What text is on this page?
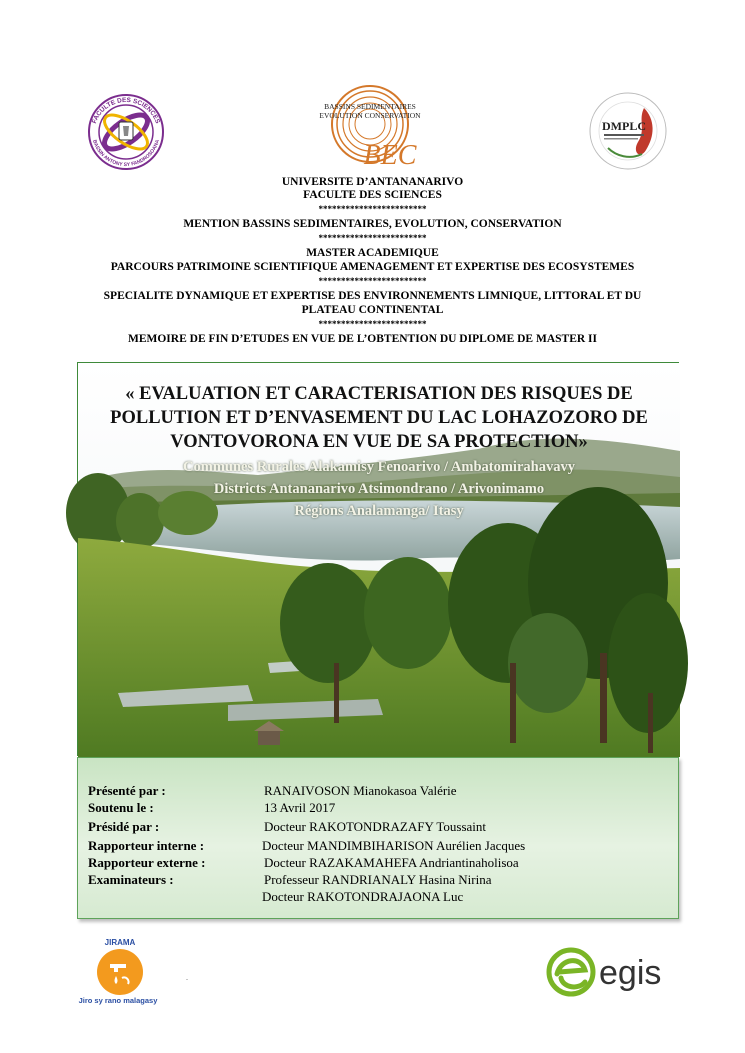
FACULTE DES SCIENCES
BASSIN ANTONY SY FANDROSOANA
BASSINS SEDIMENTAIRES
EVOLUTION CONSERVATION
BEC
DMPLC
UNIVERSITE D’ANTANANARIVO
FACULTE DES SCIENCES
************************
MENTION BASSINS SEDIMENTAIRES, EVOLUTION, CONSERVATION
************************
MASTER ACADEMIQUE
PARCOURS PATRIMOINE SCIENTIFIQUE AMENAGEMENT ET EXPERTISE DES ECOSYSTEMES
************************
SPECIALITE DYNAMIQUE ET EXPERTISE DES ENVIRONNEMENTS LIMNIQUE, LITTORAL ET DU
PLATEAU CONTINENTAL
************************
MEMOIRE DE FIN D’ETUDES EN VUE DE L’OBTENTION DU DIPLOME DE MASTER II
« EVALUATION ET CARACTERISATION DES RISQUES DE
POLLUTION ET D’ENVASEMENT DU LAC LOHAZOZORO DE
VONTOVORONA EN VUE DE SA PROTECTION»
Communes Rurales Alakamisy Fenoarivo / Ambatomirahavavy
Districts Antananarivo Atsimondrano / Arivonimamo
Régions Analamanga/ Itasy
Présenté par :	RANAIVOSON Mianokasoa Valérie
Soutenu le :	13 Avril 2017
Présidé par :	Docteur RAKOTONDRAZAFY Toussaint
Rapporteur interne :	Docteur MANDIMBIHARISON Aurélien Jacques
Rapporteur externe :	Docteur RAZAKAMAHEFA Andriantinaholisoa
Examinateurs :	Professeur RANDRIANALY Hasina Nirina
Docteur RAKOTONDRAJAONA Luc
JIRAMA
Jiro sy rano malagasy
-	egis
